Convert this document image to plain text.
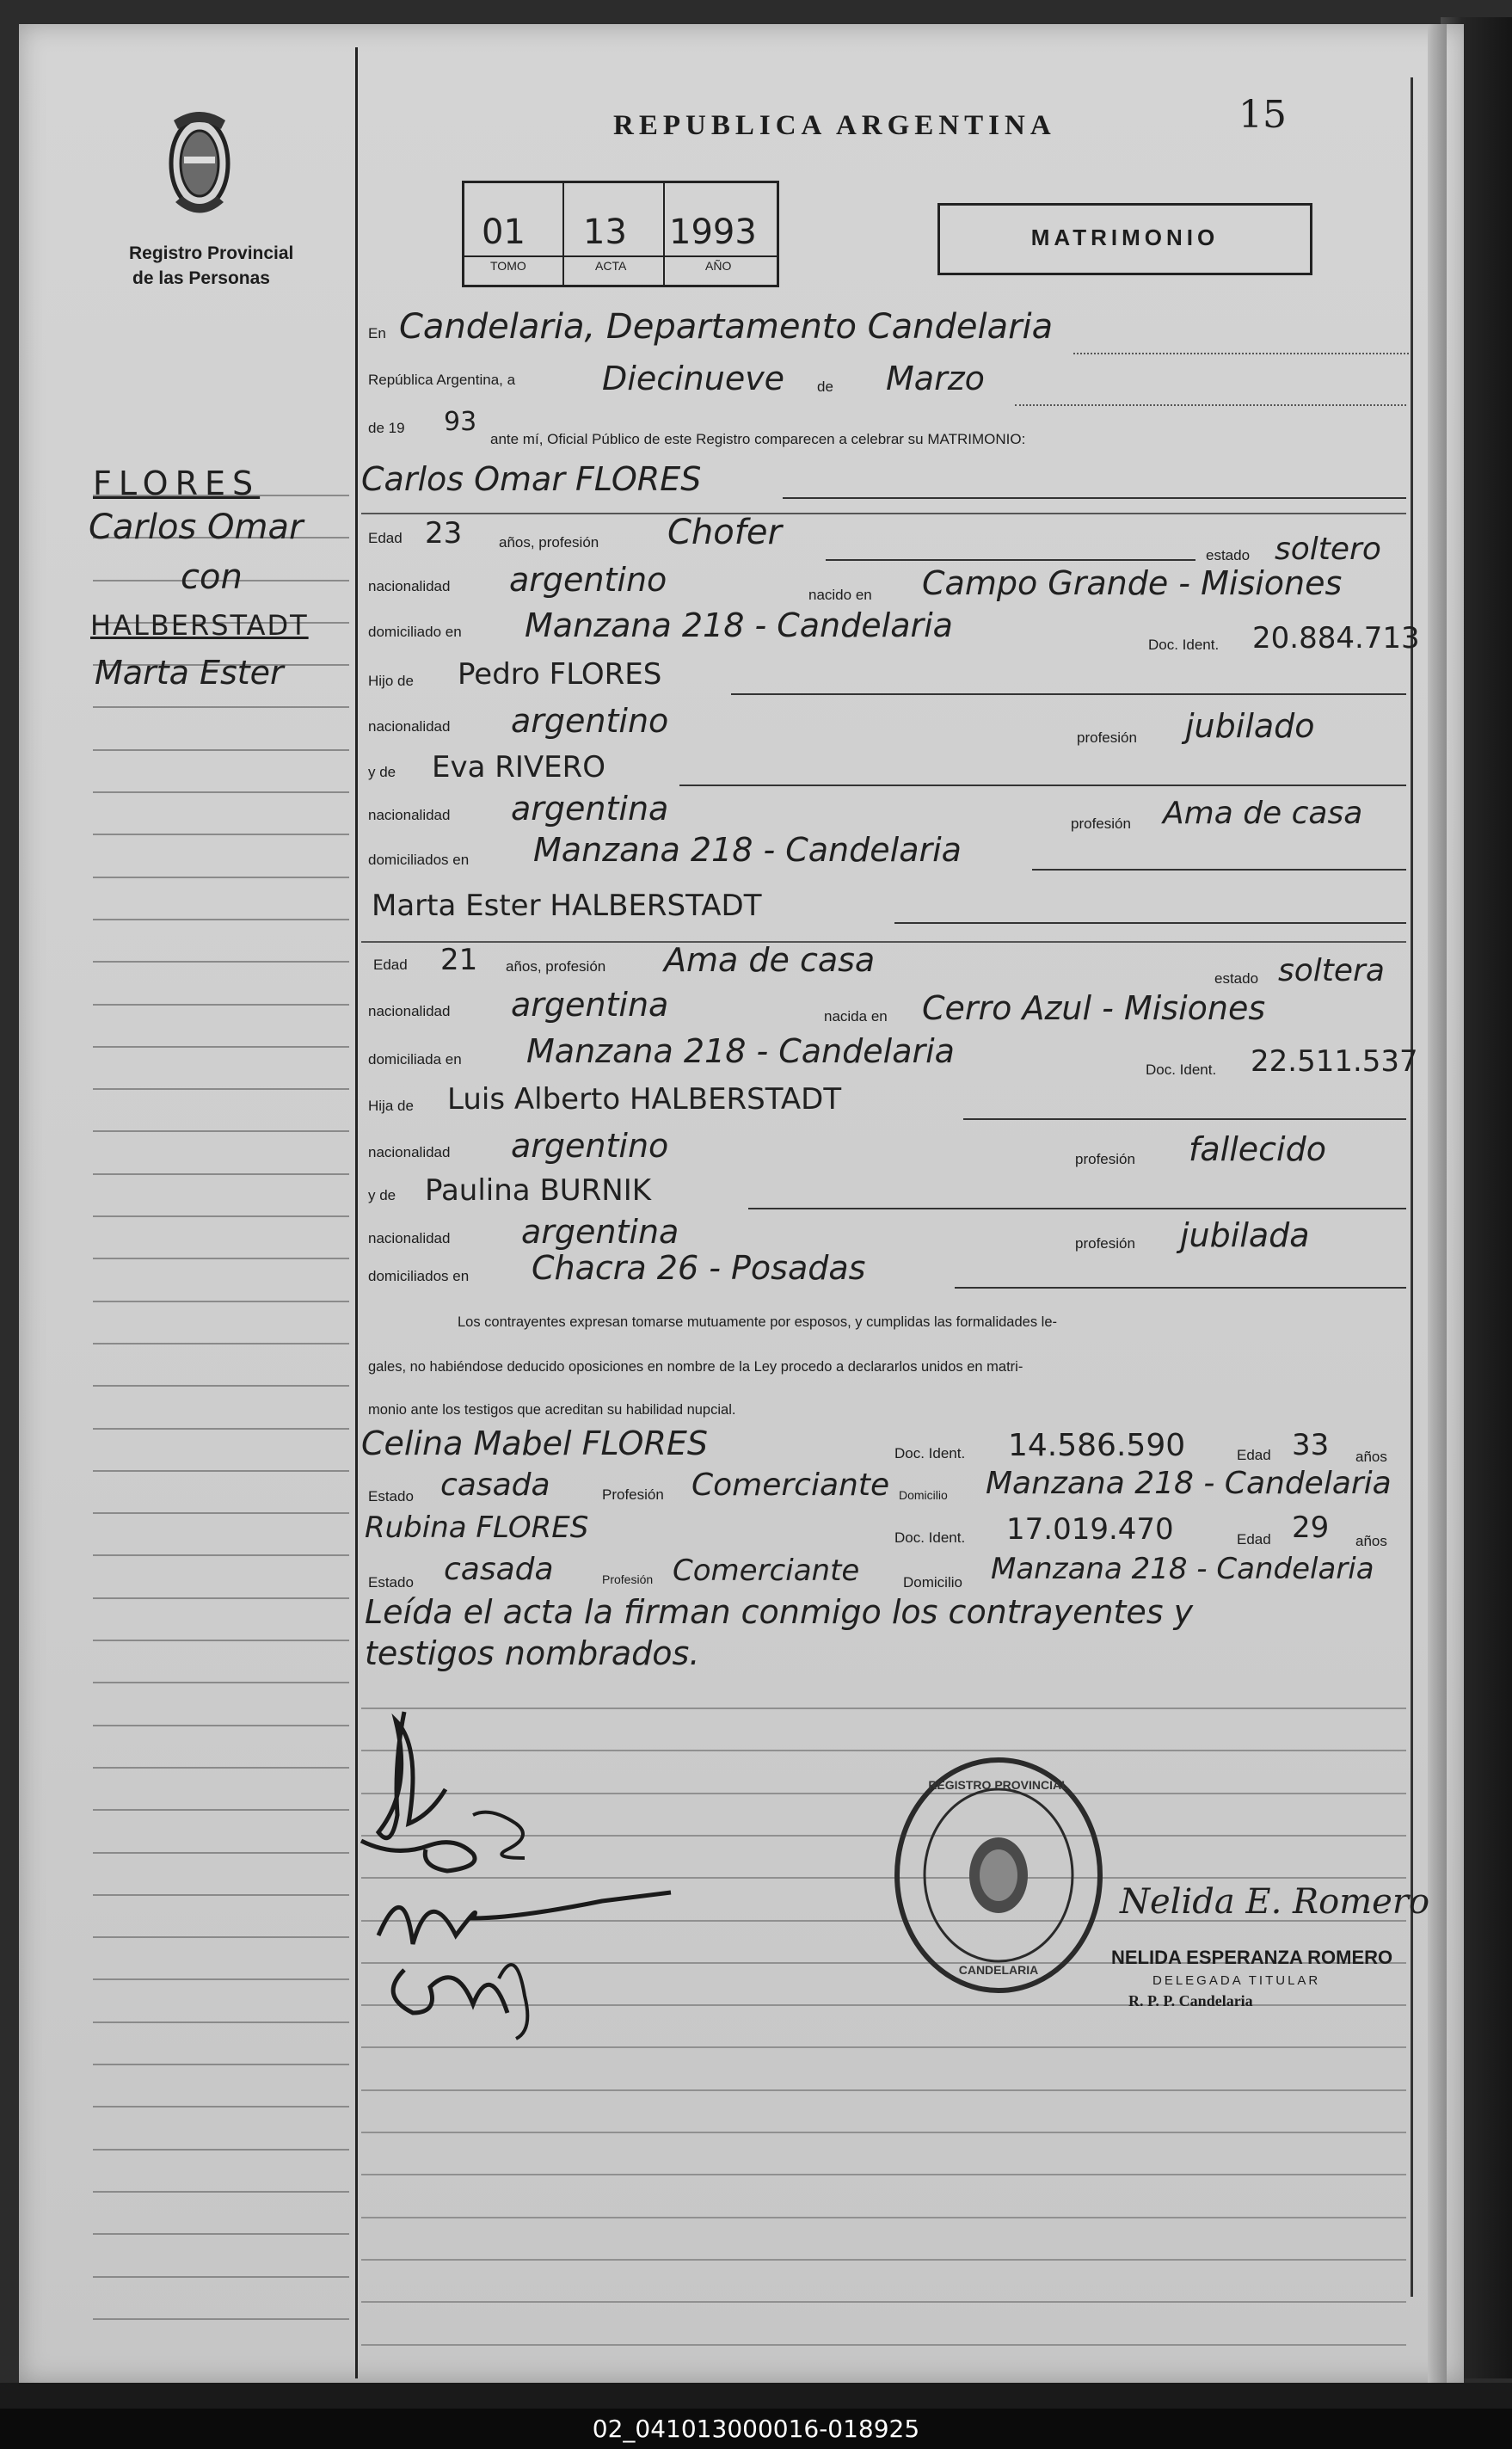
Registro Provincial
de las Personas
REPUBLICA ARGENTINA	15
01 13 1993
TOMO	ACTA	AÑO
MATRIMONIO
FLORES
Carlos Omar
con
HALBERSTADT
Marta Ester
En Candelaria, Departamento Candelaria
República Argentina, a	Diecinueve de Marzo
de 19 93
ante mí, Oficial Público de este Registro comparecen a celebrar su MATRIMONIO:
Carlos Omar FLORES
Edad 23	años, profesión Chofer
estado soltero
nacionalidad argentino	nacido en Campo Grande - Misiones
domiciliado en Manzana 218 - Candelaria
Doc. Ident. 20.884.713
Hijo de Pedro FLORES
nacionalidad argentino	profesión jubilado
y de Eva RIVERO
nacionalidad argentina	profesión Ama de casa
domiciliados en Manzana 218 - Candelaria
Marta Ester HALBERSTADT
Edad 21 años, profesión Ama de casa	estado soltera
nacionalidad argentina	nacida en Cerro Azul - Misiones
domiciliada en Manzana 218 - Candelaria	Doc. Ident. 22.511.537
Hija de Luis Alberto HALBERSTADT
nacionalidad argentino	profesión fallecido
y de Paulina BURNIK
nacionalidad argentina	profesión jubilada
domiciliados en Chacra 26 - Posadas
Los contrayentes expresan tomarse mutuamente por esposos, y cumplidas las formalidades le-
gales, no habiéndose deducido oposiciones en nombre de la Ley procedo a declararlos unidos en matri-
monio ante los testigos que acreditan su habilidad nupcial.
Celina Mabel FLORES	Doc. Ident. 14.586.590	Edad 33 años
Estado casada	Profesión Comerciante Domicilio Manzana 218 - Candelaria
Rubina FLORES	Doc. Ident. 17.019.470	Edad 29 años
Estado casada	Profesión Comerciante	Domicilio Manzana 218 - Candelaria
Leída el acta la firman conmigo los contrayentes y
testigos nombrados.
REGISTRO PROVINCIAL
CANDELARIA
Nelida E. Romero
NELIDA ESPERANZA ROMERO
DELEGADA TITULAR
R. P. P. Candelaria
02_041013000016-018925
